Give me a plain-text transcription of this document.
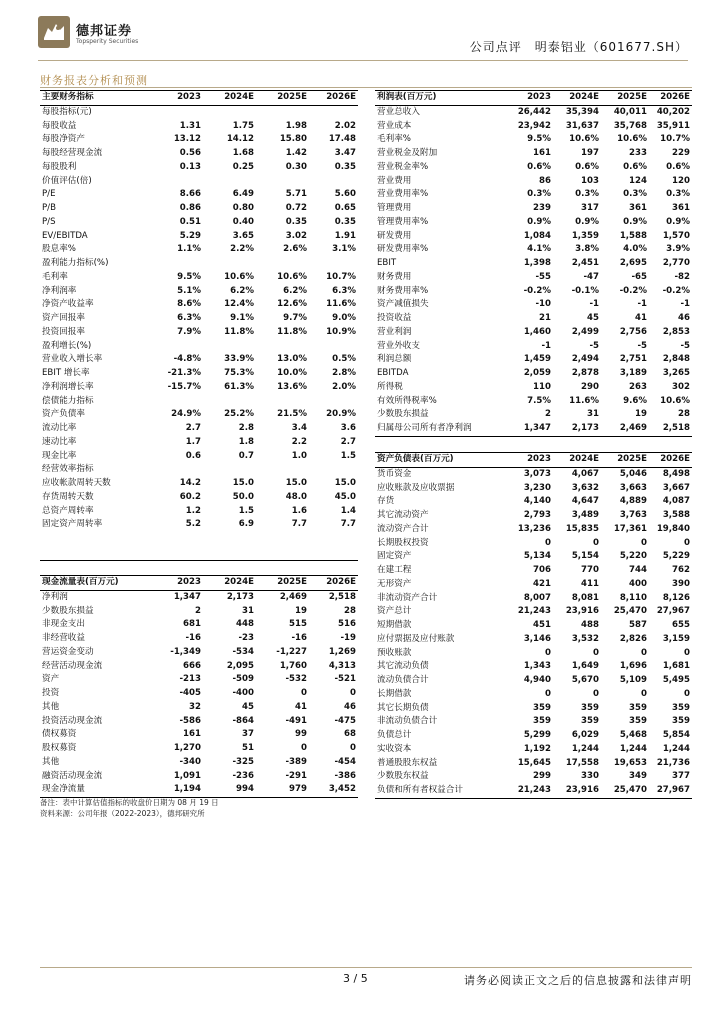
德邦证券
Topsperity Securities	公司点评　明泰铝业（601677.SH）
财务报表分析和预测
主要财务指标	2023	2024E	2025E	2026E
每股指标(元)				
每股收益	1.31	1.75	1.98	2.02
每股净资产	13.12	14.12	15.80	17.48
每股经营现金流	0.56	1.68	1.42	3.47
每股股利	0.13	0.25	0.30	0.35
价值评估(倍)				
P/E	8.66	6.49	5.71	5.60
P/B	0.86	0.80	0.72	0.65
P/S	0.51	0.40	0.35	0.35
EV/EBITDA	5.29	3.65	3.02	1.91
股息率%	1.1%	2.2%	2.6%	3.1%
盈利能力指标(%)				
毛利率	9.5%	10.6%	10.6%	10.7%
净利润率	5.1%	6.2%	6.2%	6.3%
净资产收益率	8.6%	12.4%	12.6%	11.6%
资产回报率	6.3%	9.1%	9.7%	9.0%
投资回报率	7.9%	11.8%	11.8%	10.9%
盈利增长(%)				
营业收入增长率	-4.8%	33.9%	13.0%	0.5%
EBIT 增长率	-21.3%	75.3%	10.0%	2.8%
净利润增长率	-15.7%	61.3%	13.6%	2.0%
偿债能力指标				
资产负债率	24.9%	25.2%	21.5%	20.9%
流动比率	2.7	2.8	3.4	3.6
速动比率	1.7	1.8	2.2	2.7
现金比率	0.6	0.7	1.0	1.5
经营效率指标				
应收帐款周转天数	14.2	15.0	15.0	15.0
存货周转天数	60.2	50.0	48.0	45.0
总资产周转率	1.2	1.5	1.6	1.4
固定资产周转率	5.2	6.9	7.7	7.7

现金流量表(百万元)	2023	2024E	2025E	2026E
净利润	1,347	2,173	2,469	2,518
少数股东损益	2	31	19	28
非现金支出	681	448	515	516
非经营收益	-16	-23	-16	-19
营运资金变动	-1,349	-534	-1,227	1,269
经营活动现金流	666	2,095	1,760	4,313
资产	-213	-509	-532	-521
投资	-405	-400	0	0
其他	32	45	41	46
投资活动现金流	-586	-864	-491	-475
债权募资	161	37	99	68
股权募资	1,270	51	0	0
其他	-340	-325	-389	-454
融资活动现金流	1,091	-236	-291	-386
现金净流量	1,194	994	979	3,452
利润表(百万元)	2023	2024E	2025E	2026E
营业总收入	26,442	35,394	40,011	40,202
营业成本	23,942	31,637	35,768	35,911
毛利率%	9.5%	10.6%	10.6%	10.7%
营业税金及附加	161	197	233	229
营业税金率%	0.6%	0.6%	0.6%	0.6%
营业费用	86	103	124	120
营业费用率%	0.3%	0.3%	0.3%	0.3%
管理费用	239	317	361	361
管理费用率%	0.9%	0.9%	0.9%	0.9%
研发费用	1,084	1,359	1,588	1,570
研发费用率%	4.1%	3.8%	4.0%	3.9%
EBIT	1,398	2,451	2,695	2,770
财务费用	-55	-47	-65	-82
财务费用率%	-0.2%	-0.1%	-0.2%	-0.2%
资产减值损失	-10	-1	-1	-1
投资收益	21	45	41	46
营业利润	1,460	2,499	2,756	2,853
营业外收支	-1	-5	-5	-5
利润总额	1,459	2,494	2,751	2,848
EBITDA	2,059	2,878	3,189	3,265
所得税	110	290	263	302
有效所得税率%	7.5%	11.6%	9.6%	10.6%
少数股东损益	2	31	19	28
归属母公司所有者净利润	1,347	2,173	2,469	2,518
资产负债表(百万元)	2023	2024E	2025E	2026E
货币资金	3,073	4,067	5,046	8,498
应收账款及应收票据	3,230	3,632	3,663	3,667
存货	4,140	4,647	4,889	4,087
其它流动资产	2,793	3,489	3,763	3,588
流动资产合计	13,236	15,835	17,361	19,840
长期股权投资	0	0	0	0
固定资产	5,134	5,154	5,220	5,229
在建工程	706	770	744	762
无形资产	421	411	400	390
非流动资产合计	8,007	8,081	8,110	8,126
资产总计	21,243	23,916	25,470	27,967
短期借款	451	488	587	655
应付票据及应付账款	3,146	3,532	2,826	3,159
预收账款	0	0	0	0
其它流动负债	1,343	1,649	1,696	1,681
流动负债合计	4,940	5,670	5,109	5,495
长期借款	0	0	0	0
其它长期负债	359	359	359	359
非流动负债合计	359	359	359	359
负债总计	5,299	6,029	5,468	5,854
实收资本	1,192	1,244	1,244	1,244
普通股股东权益	15,645	17,558	19,653	21,736
少数股东权益	299	330	349	377
负债和所有者权益合计	21,243	23,916	25,470	27,967
备注：表中计算估值指标的收盘价日期为 08 月 19 日
资料来源：公司年报（2022-2023），德邦研究所
3 / 5	请务必阅读正文之后的信息披露和法律声明
